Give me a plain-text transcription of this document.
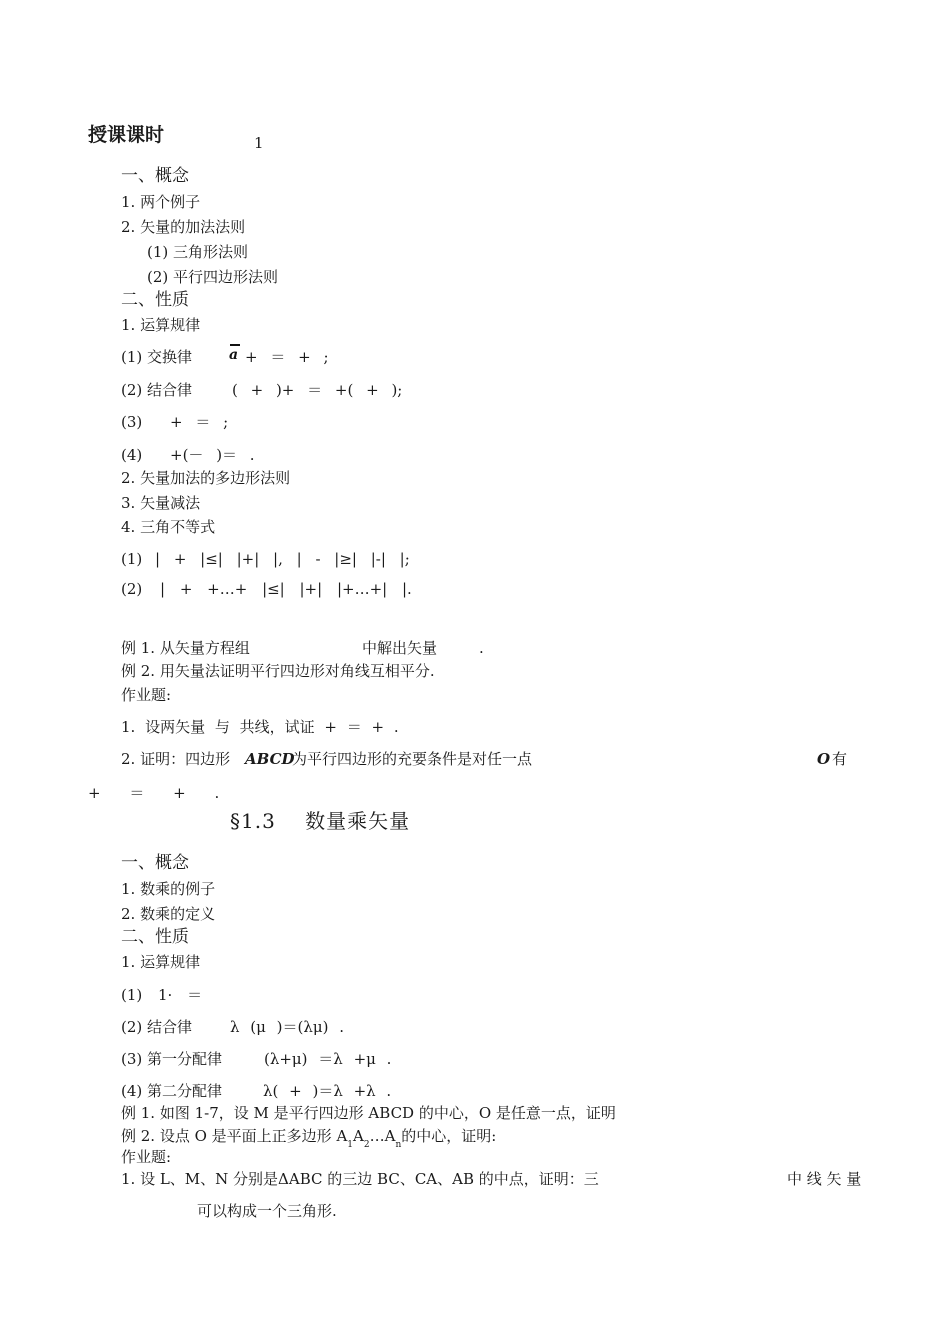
授课课时	1
一、概念
1. 两个例子
2. 矢量的加法法则
(1) 三角形法则
(2) 平行四边形法则
二、性质
1. 运算规律
(1) 交换律	a + ＝ + ;
(2) 结合律	( + )+ ＝ +( + );
(3) + ＝ ;
(4) +(－ )＝ .
2. 矢量加法的多边形法则
3. 矢量减法
4. 三角不等式
(1) | + |≤| |+| |, | - |≥| |-| |;
(2) | + +…+ |≤| |+| |+…+| |.
例 1. 从矢量方程组	中解出矢量	.
例 2. 用矢量法证明平行四边形对角线互相平分.
作业题:
1. 设两矢量 与 共线，试证 + ＝ + .
2. 证明：四边形 ABCD
为平行四边形的充要条件是对任一点	O 有
+ ＝ + .
§1.3 数量乘矢量
一、概念
1. 数乘的例子
2. 数乘的定义
二、性质
1. 运算规律
(1) 1· ＝
(2) 结合律	λ (μ )＝(λμ) .
(3) 第一分配律	(λ+μ) ＝λ +μ .
(4) 第二分配律	λ( + )＝λ +λ .
例 1. 如图 1-7，设 M 是平行四边形 ABCD 的中心，O 是任意一点，证明
例 2. 设点 O 是平面上正多边形 $A_1A_2\dots A_n$的中心，证明:
作业题:
1. 设 L、M、N 分别是ΔABC 的三边 BC、CA、AB 的中点，证明：三	中 线 矢 量
可以构成一个三角形.
